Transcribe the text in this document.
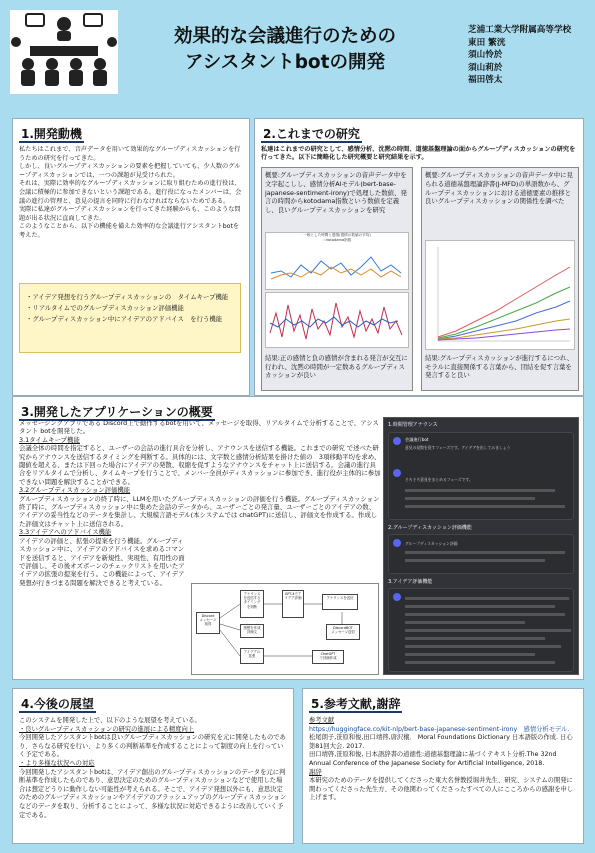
効果的な会議進行のための
アシスタントbotの開発
芝浦工業大学附属高等学校
東田 繁洸
須山怜於
須山莉於
福田啓太
1.開発動機
私たちはこれまで、音声データを用いて効果的なグループディスカッションを行うための研究を行ってきた。
しかし、良いグループディスカッションの要素を把握していても、少人数のグループディスカッションでは、一つの課題が見受けられた。
それは、実際に効率的なグループディスカッションに取り組むための進行役は、会議に積極的に参加できないという課題である。進行役になったメンバーは、会議の進行の管理と、意見の提言を同時に行わなければならないためである。
実際に私達がグループディスカッションを行ってきた経験からも、このような問題が出る状況に直面してきた。
このようなことから、以下の機能を備えた効率的な会議進行アシスタントbotを考えた。
・アイデア発想を行うグループディスカッションの　タイムキープ機能
・リアルタイムでのグループディスカッション評価機能
・グループディスカッション中にアイデアのアドバイス　を行う機能
2.これまでの研究
私達はこれまでの研究として、感情分析、沈黙の時間、道徳基盤理論の面からグループディスカッションの研究を行ってきた。以下に簡略化した研究概要と研究結果を示す。
概要:グループディスカッションの音声データ中を文字起こしし、感情分析AIモデル(bert-base-japanese-sentiment-irony)で処理した数値、発言の時間からkotodama指数という数値を定義し、良いグループディスカッションを研究
一般とした時間と感情(感情の数値の平均)
＝kotodama指数
結果:正の感情と負の感情が含まれる発言が交互に行われ、沈黙の時間が一定数あるグループディスカッションが良い
概要:グループディスカッションの音声データ中に見られる道徳基盤理論辞書(J-MFD)の単語数から、グループディスカッションにおける道徳要素の推移と良いグループディスカッションの関係性を調べた
結果:グループディスカッションが進行するにつれ、モラルに直接関係する言葉から、団結を促す言葉を発言すると良い
3.開発したアプリケーションの概要
メッセージングアプリである Discord上で動作するbotを用いて、メッセージを取得、リアルタイムで分析することで、アシスタント botを開発した。
3.1タイムキープ機能
会議全体の時間を指定すると、ユーザーの会話の進行具合を分析し、アナウンスを送信する機能。これまでの研究 で述べた研究からアナウンスを送信するタイミングを判断する。具体的には、文字数と感情分析結果を掛けた値の　3項移動平均を求め、閾値を超える、または下回った場合にアイデアの発散、収縮を促すようなアナウンスをチャット上に送信する。会議の進行具合をリアルタイムで分析し、タイムキープを行うことで、メンバー全員がディスカッションに参加でき、進行役が主体的に参加できない問題を解決することができる。
3.2グループディスカッション評価機能
グループディスカッションの終了時に、LLMを用いたグループディスカッションの評価を行う機能。グループディスカッション終了時に、グループディスカッション中に集めた会話のデータから、ユーザーごとの発言量、ユーザーごとのアイデアの数、アイデアの妥当性などのデータを集計し、大規模言語モデル(本システムでは chatGPT)に送信し、評価文を作成する。作成した評価文はチャット上に送信される。
3.3アイデアへのアドバイス機能
アイデアの評価と、拡張の提案を行う機能。グループディスカッション中に、アイデアのアドバイスを求めるコマンドを送信すると、アイデアを新規性、実現性、有用性の面で評価し、その後オズボーンのチェックリストを用いたアイデアの拡張の提案を行う。この機能によって、アイデア発想が行きづまる問題を解決できると考えている。
Discord
メッセージ取得
アナウンスを送信するタイミングを判断
GPT-4でアイデア評価	アナウンスを送信
感想を作成評価文
アイデアの拡張
DiscordBOT
メッセージ送信
ChatGPT
で評価作成
1.時間管理アナウンス
会議進行bot
意見の発散を促すフェーズです。アイデアを出してみましょう
そろそろ意見をまとめるフェーズです。
2.グループディスカッション評価機能
グループディスカッション評価
3.アイデア評価機能
4.今後の展望
このシステムを開発した上で、以下のような展望を考えている。
・良いグループディスカッションの研究の進展による精度向上
今回開発したアシスタントbotは良いグループディスカッションの研究を元に開発したものであり、さらなる研究を行い、より多くの判断基準を作成することによって制度の向上を行っていく予定である。
・より多様な状況への対応
今回開発したアシスタントbotは、アイデア創出のグループディスカッションのデータを元に判断基準を作成したものであり、意思決定のためのグループディスカッションなどで使用した場合は想定どうりに動作しない可能性が考えられる。そこで、アイデア発想以外にも、意思決定のためのグループディスカッションやアイデアのブラッシュアップのグループディスカッションなどのデータを取り、分析することによって、多様な状況に対応できるように改善していく予定である。
5.参考文献,謝辞
参考文献
https://huggingface.co/kit-nlp/bert-base-japanese-sentiment-irony　感情分析モデル.
松尾朗子,笹原和俊,田口靖啓,唐沢穣． Moral Foundations Dictionary 日本語版の作成. 日心第81回大会. 2017.
田口靖啓,笹原和俊, 日本語辞書の道徳性:道徳基盤理論に基づくテキスト分析.The 32nd Annual Conference of the Japanese Society for Artificial Intelligence, 2018.
謝辞
本研究のためのデータを提供してくださった東大名誉教授堀井先生、研究、システムの開発に関わってくださった先生方、その他関わってくださったすべての人にこころからの感謝を申し上げます。
